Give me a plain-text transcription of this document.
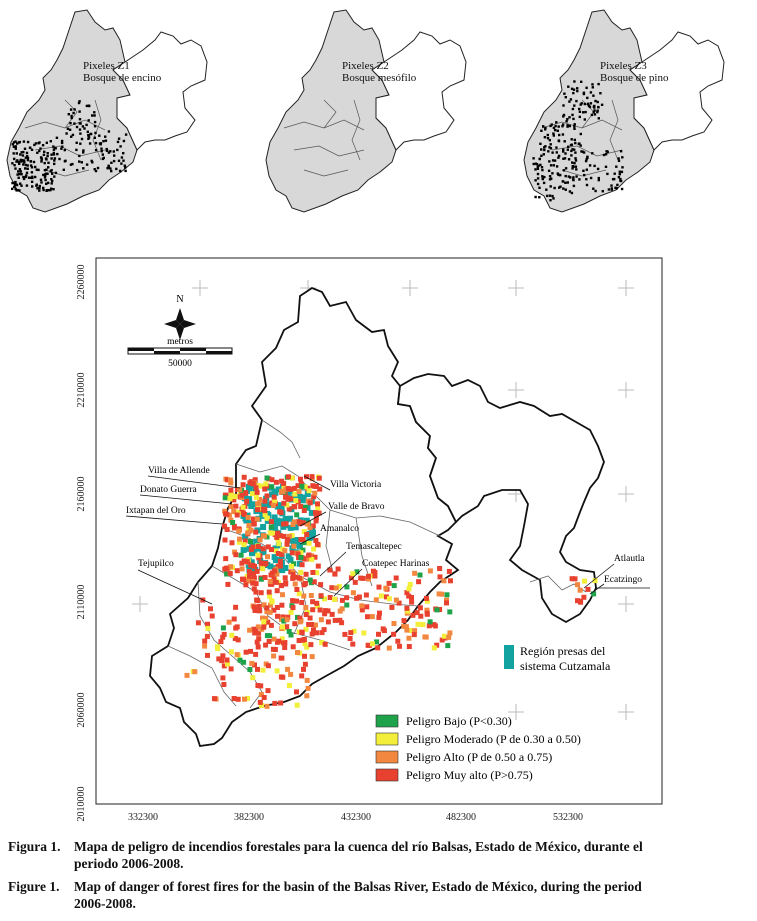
Pixeles Z1
Bosque de encino
Pixeles Z2
Bosque mesófilo
Pixeles Z3
Bosque de pino
N
metros
50000
Villa de Allende
Donato Guerra
Ixtapan del Oro
Tejupilco
Villa Victoria
Valle de Bravo
Amanalco
Temascaltepec
Coatepec Harinas	Atlautla
Ecatzingo
Región presas del
sistema Cutzamala
Peligro Bajo (P<0.30)
Peligro Moderado (P de 0.30 a 0.50)
Peligro Alto (P de 0.50 a 0.75)
Peligro Muy alto (P>0.75)
2260000
2210000
2160000
2110000
2060000
2010000	332300	382300	432300	482300	532300
Figura 1. Mapa de peligro de incendios forestales para la cuenca del río Balsas, Estado de México, durante el
periodo 2006-2008.
Figure 1. Map of danger of forest fires for the basin of the Balsas River, Estado de México, during the period
2006-2008.
